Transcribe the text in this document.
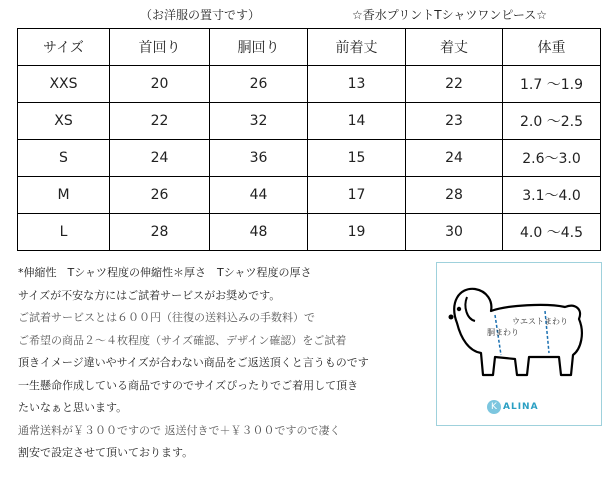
（お洋服の置寸です）	☆香水プリントTシャツワンピース☆
サイズ	首回り	胴回り	前着丈	着丈	体重
XXS	20	26	13	22	1.7 〜1.9
XS	22	32	14	23	2.0 〜2.5
S	24	36	15	24	2.6〜3.0
M	26	44	17	28	3.1〜4.0
L	28	48	19	30	4.0 〜4.5
*伸縮性　Tシャツ程度の伸縮性＊厚さ　Tシャツ程度の厚さ
サイズが不安な方にはご試着サービスがお奨めです。
ご試着サービスとは６００円（往復の送料込みの手数料）で
ご希望の商品２〜４枚程度（サイズ確認、デザイン確認）をご試着
頂きイメージ違いやサイズが合わない商品をご返送頂くと言うものです
一生懸命作成している商品ですのでサイズぴったりでご着用して頂き
たいなぁと思います。
通常送料が￥３００ですので 返送付きで＋￥３００ですので凄く
割安で設定させて頂いております。
ウエストまわり
胴まわり
K ALINA
